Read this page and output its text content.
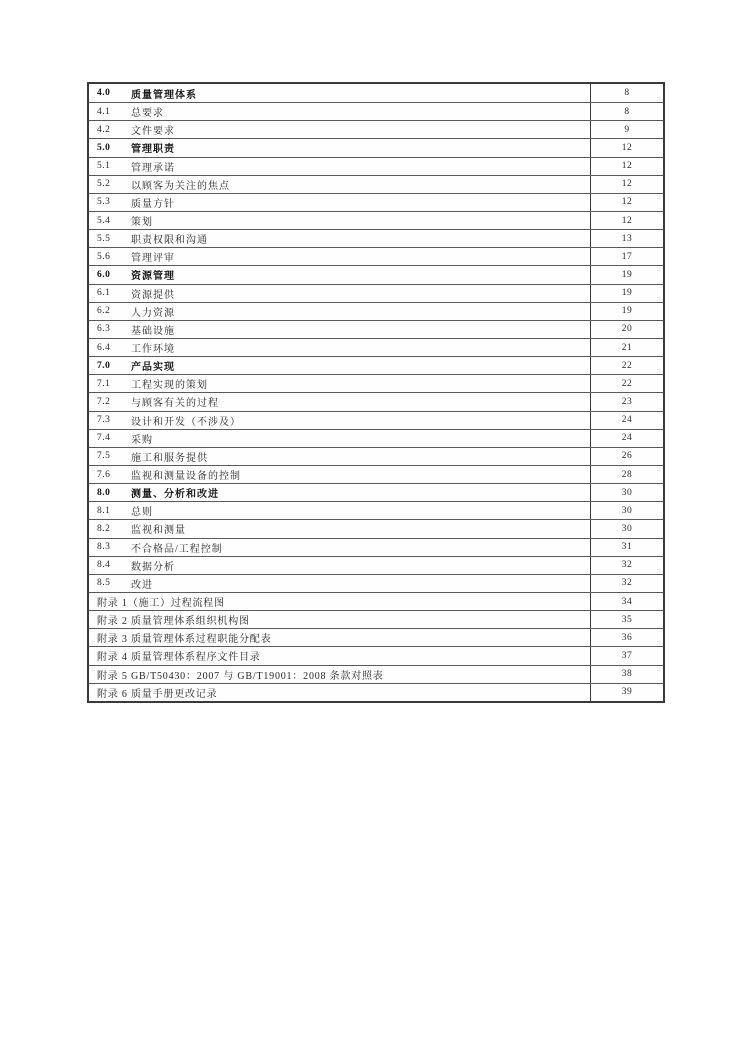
4.0	质量管理体系	8
4.1	总要求	8
4.2	文件要求	9
5.0	管理职责	12
5.1	管理承诺	12
5.2	以顾客为关注的焦点	12
5.3	质量方针	12
5.4	策划	12
5.5	职责权限和沟通	13
5.6	管理评审	17
6.0	资源管理	19
6.1	资源提供	19
6.2	人力资源	19
6.3	基础设施	20
6.4	工作环境	21
7.0	产品实现	22
7.1	工程实现的策划	22
7.2	与顾客有关的过程	23
7.3	设计和开发（不涉及）	24
7.4	采购	24
7.5	施工和服务提供	26
7.6	监视和测量设备的控制	28
8.0	测量、分析和改进	30
8.1	总则	30
8.2	监视和测量	30
8.3	不合格品/工程控制	31
8.4	数据分析	32
8.5	改进	32
附录 1（施工）过程流程图	34
附录 2 质量管理体系组织机构图	35
附录 3 质量管理体系过程职能分配表	36
附录 4 质量管理体系程序文件目录	37
附录 5 GB/T50430：2007 与 GB/T19001：2008 条款对照表	38
附录 6 质量手册更改记录	39
